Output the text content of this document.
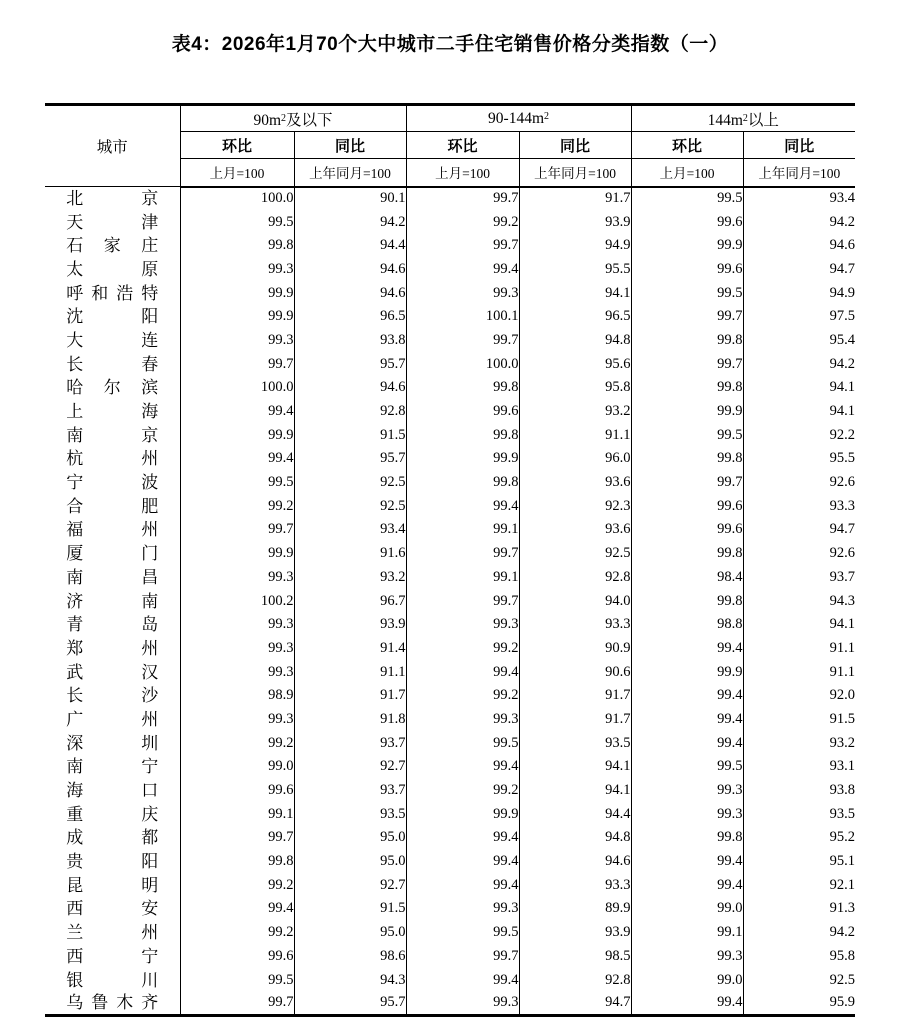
表4：2026年1月70个大中城市二手住宅销售价格分类指数（一）
城市	$90m^2$及以下		$90-144m^2$		$144m^2$以上	
	环比	同比	环比	同比	环比	同比
	上月=100	上年同月=100	上月=100	上年同月=100	上月=100	上年同月=100

北 京	100.0	90.1	99.7	91.7	99.5	93.4

天 津	99.5	94.2	99.2	93.9	99.6	94.2

石 家 庄	99.8	94.4	99.7	94.9	99.9	94.6

太 原	99.3	94.6	99.4	95.5	99.6	94.7

呼 和 浩 特	99.9	94.6	99.3	94.1	99.5	94.9

沈 阳	99.9	96.5	100.1	96.5	99.7	97.5

大 连	99.3	93.8	99.7	94.8	99.8	95.4

长 春	99.7	95.7	100.0	95.6	99.7	94.2

哈 尔 滨	100.0	94.6	99.8	95.8	99.8	94.1

上 海	99.4	92.8	99.6	93.2	99.9	94.1

南 京	99.9	91.5	99.8	91.1	99.5	92.2

杭 州	99.4	95.7	99.9	96.0	99.8	95.5

宁 波	99.5	92.5	99.8	93.6	99.7	92.6

合 肥	99.2	92.5	99.4	92.3	99.6	93.3

福 州	99.7	93.4	99.1	93.6	99.6	94.7

厦 门	99.9	91.6	99.7	92.5	99.8	92.6

南 昌	99.3	93.2	99.1	92.8	98.4	93.7

济 南	100.2	96.7	99.7	94.0	99.8	94.3

青 岛	99.3	93.9	99.3	93.3	98.8	94.1

郑 州	99.3	91.4	99.2	90.9	99.4	91.1

武 汉	99.3	91.1	99.4	90.6	99.9	91.1

长 沙	98.9	91.7	99.2	91.7	99.4	92.0

广 州	99.3	91.8	99.3	91.7	99.4	91.5

深 圳	99.2	93.7	99.5	93.5	99.4	93.2

南 宁	99.0	92.7	99.4	94.1	99.5	93.1

海 口	99.6	93.7	99.2	94.1	99.3	93.8

重 庆	99.1	93.5	99.9	94.4	99.3	93.5

成 都	99.7	95.0	99.4	94.8	99.8	95.2

贵 阳	99.8	95.0	99.4	94.6	99.4	95.1

昆 明	99.2	92.7	99.4	93.3	99.4	92.1

西 安	99.4	91.5	99.3	89.9	99.0	91.3

兰 州	99.2	95.0	99.5	93.9	99.1	94.2

西 宁	99.6	98.6	99.7	98.5	99.3	95.8

银 川	99.5	94.3	99.4	92.8	99.0	92.5

乌 鲁 木 齐	99.7	95.7	99.3	94.7	99.4	95.9
